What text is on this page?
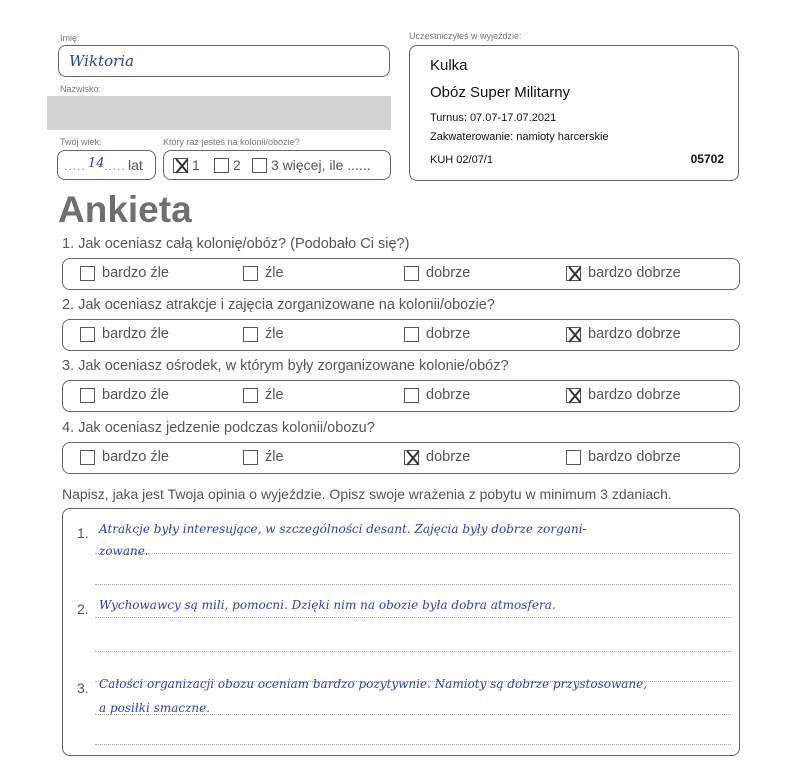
Imię:
Wiktoria
Nazwisko:
Twój wiek:
..... 14 ..... lat
Który raz jesteś na kolonii/obozie?
1 2 3 więcej, ile ......
Uczestniczyłeś w wyjeździe:
Kulka
Obóz Super Militarny
Turnus: 07.07-17.07.2021
Zakwaterowanie: namioty harcerskie
KUH 02/07/1	05702
Ankieta
1. Jak oceniasz całą kolonię/obóz? (Podobało Ci się?)
bardzo źle	źle	dobrze	bardzo dobrze
2. Jak oceniasz atrakcje i zajęcia zorganizowane na kolonii/obozie?
bardzo źle	źle	dobrze	bardzo dobrze
3. Jak oceniasz ośrodek, w którym były zorganizowane kolonie/obóz?
bardzo źle	źle	dobrze	bardzo dobrze
4. Jak oceniasz jedzenie podczas kolonii/obozu?
bardzo źle	źle	dobrze	bardzo dobrze
Napisz, jaka jest Twoja opinia o wyjeździe. Opisz swoje wrażenia z pobytu w minimum 3 zdaniach.
1. Atrakcje były interesujące, w szczególności desant. Zajęcia były dobrze zorgani-
zowane.
2. Wychowawcy są mili, pomocni. Dzięki nim na obozie była dobra atmosfera.
3. Całości organizacji obozu oceniam bardzo pozytywnie. Namioty są dobrze przystosowane,
a posiłki smaczne.
